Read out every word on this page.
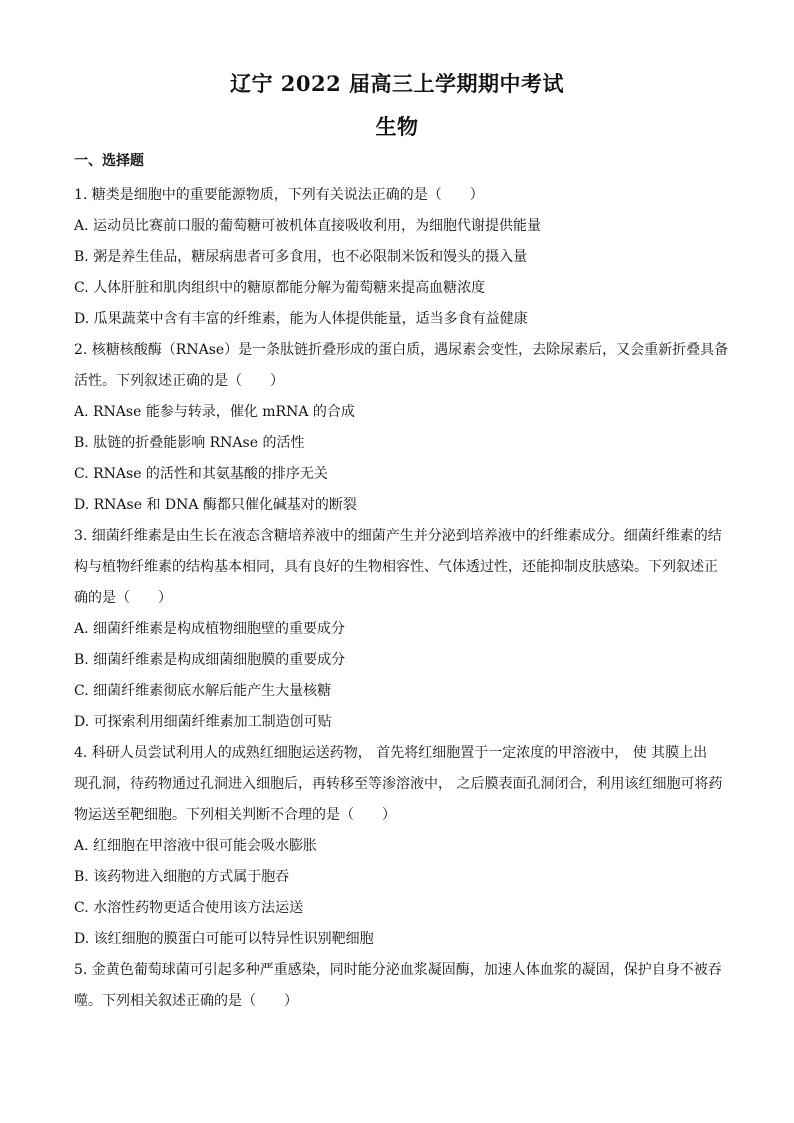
辽宁 2022 届高三上学期期中考试
生物
一、选择题
1. 糖类是细胞中的重要能源物质，下列有关说法正确的是（　　）
A. 运动员比赛前口服的葡萄糖可被机体直接吸收利用，为细胞代谢提供能量
B. 粥是养生佳品，糖尿病患者可多食用，也不必限制米饭和馒头的摄入量
C. 人体肝脏和肌肉组织中的糖原都能分解为葡萄糖来提高血糖浓度
D. 瓜果蔬菜中含有丰富的纤维素，能为人体提供能量，适当多食有益健康
2. 核糖核酸酶（RNAse）是一条肽链折叠形成的蛋白质，遇尿素会变性，去除尿素后，又会重新折叠具备
活性。下列叙述正确的是（　　）
A. RNAse 能参与转录，催化 mRNA 的合成
B. 肽链的折叠能影响 RNAse 的活性
C. RNAse 的活性和其氨基酸的排序无关
D. RNAse 和 DNA 酶都只催化碱基对的断裂
3. 细菌纤维素是由生长在液态含糖培养液中的细菌产生并分泌到培养液中的纤维素成分。细菌纤维素的结
构与植物纤维素的结构基本相同，具有良好的生物相容性、气体透过性，还能抑制皮肤感染。下列叙述正
确的是（　　）
A. 细菌纤维素是构成植物细胞壁的重要成分
B. 细菌纤维素是构成细菌细胞膜的重要成分
C. 细菌纤维素彻底水解后能产生大量核糖
D. 可探索利用细菌纤维素加工制造创可贴
4. 科研人员尝试利用人的成熟红细胞运送药物， 首先将红细胞置于一定浓度的甲溶液中， 使 其膜上出
现孔洞，待药物通过孔洞进入细胞后，再转移至等渗溶液中， 之后膜表面孔洞闭合，利用该红细胞可将药
物运送至靶细胞。下列相关判断不合理的是（　　）
A. 红细胞在甲溶液中很可能会吸水膨胀
B. 该药物进入细胞的方式属于胞吞
C. 水溶性药物更适合使用该方法运送
D. 该红细胞的膜蛋白可能可以特异性识别靶细胞
5. 金黄色葡萄球菌可引起多种严重感染，同时能分泌血浆凝固酶，加速人体血浆的凝固，保护自身不被吞
噬。下列相关叙述正确的是（　　）
